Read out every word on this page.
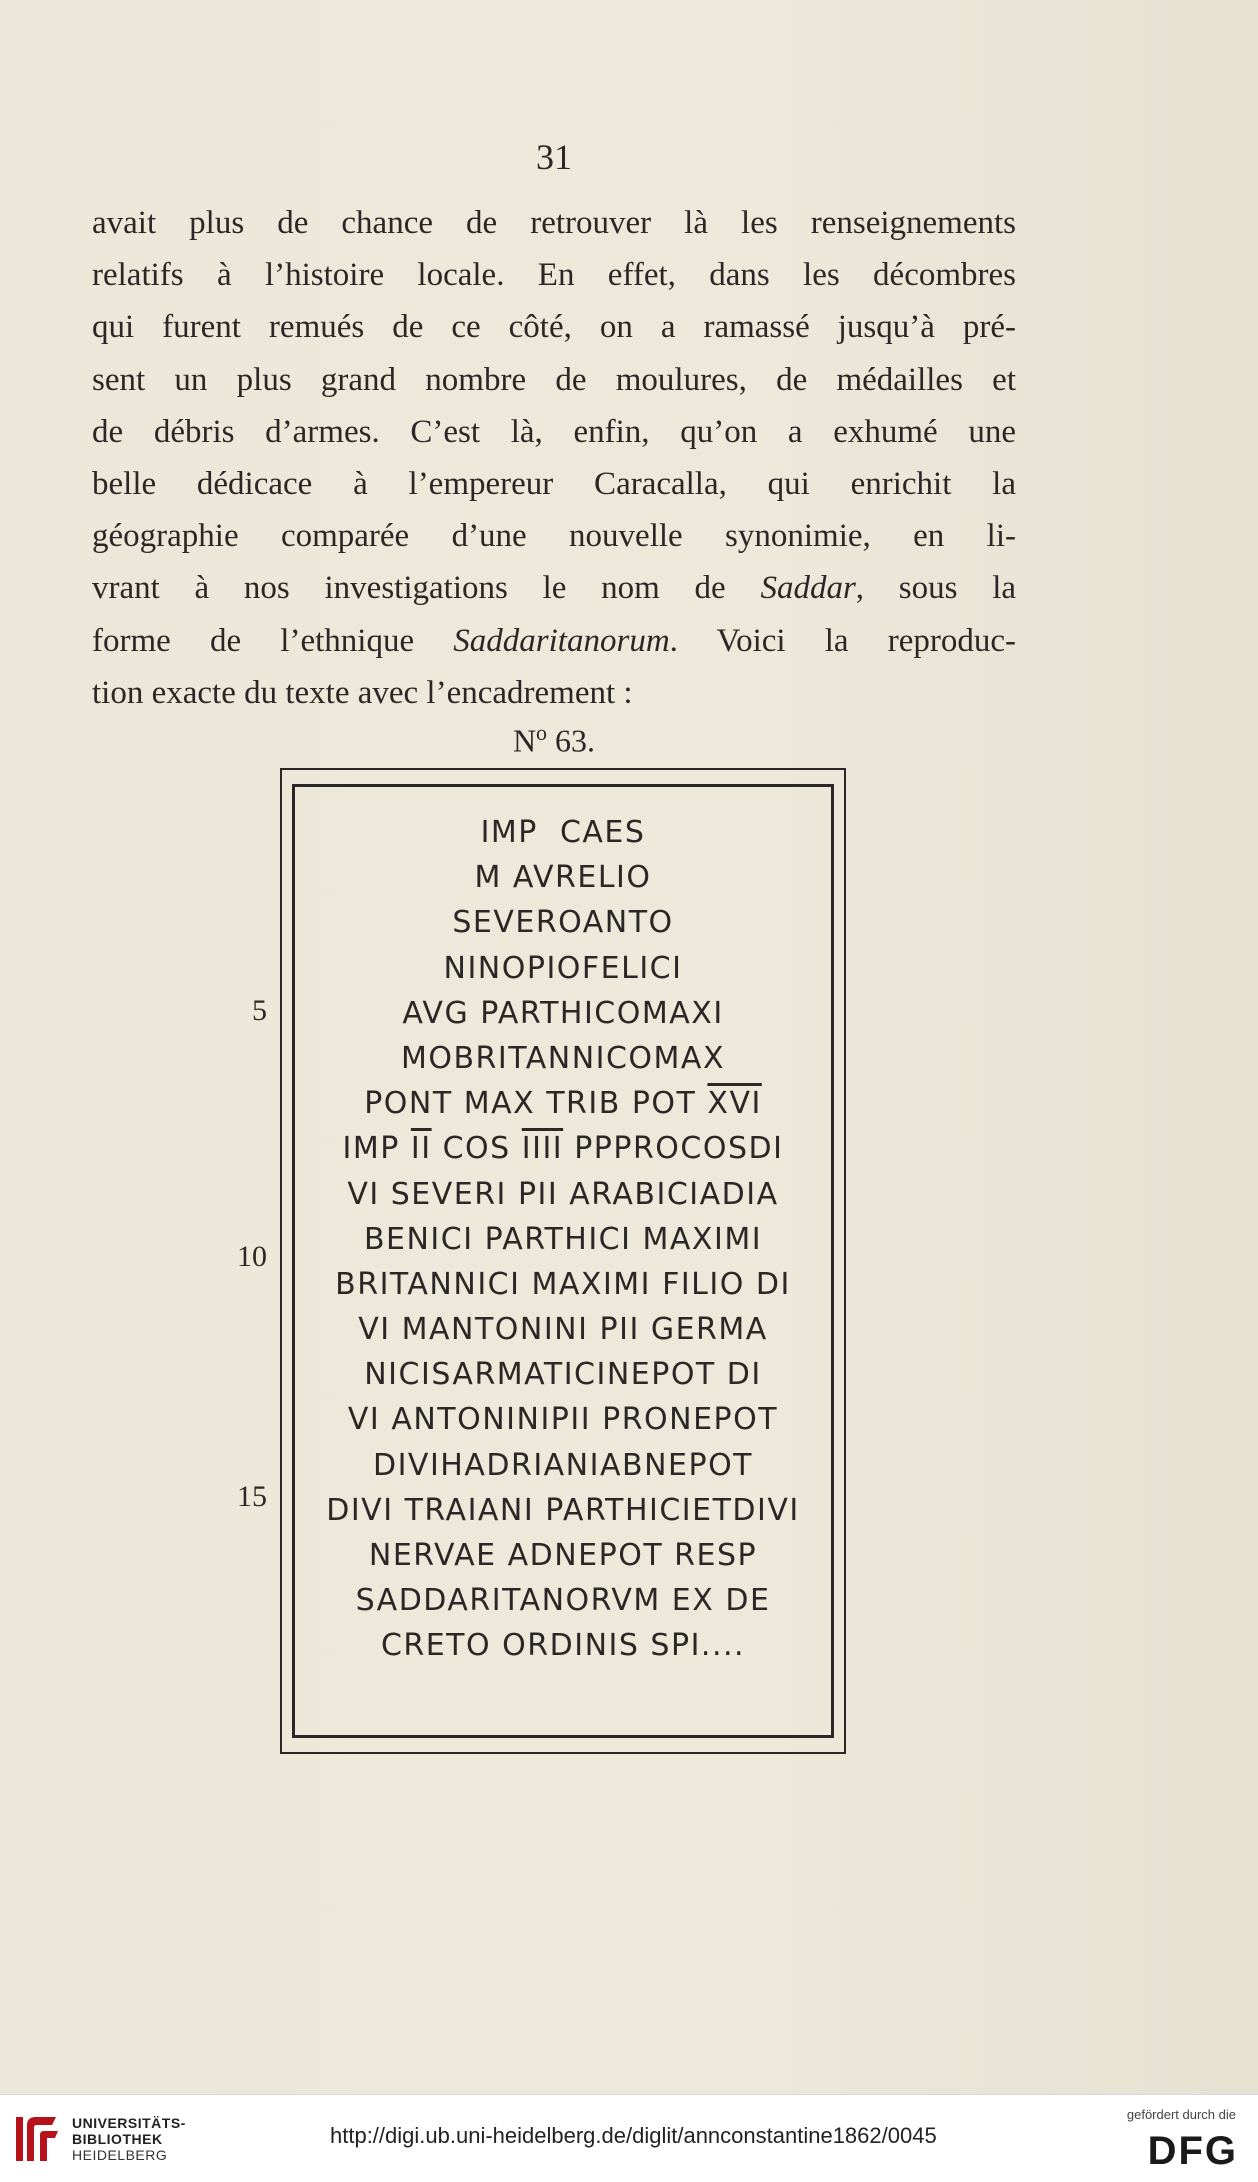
31
avait plus de chance de retrouver là les renseignements
relatifs à l’histoire locale. En effet, dans les décombres
qui furent remués de ce côté, on a ramassé jusqu’à pré-
sent un plus grand nombre de moulures, de médailles et
de débris d’armes. C’est là, enfin, qu’on a exhumé une
belle dédicace à l’empereur Caracalla, qui enrichit la
géographie comparée d’une nouvelle synonimie, en li-
vrant à nos investigations le nom de Saddar, sous la
forme de l’ethnique Saddaritanorum. Voici la reproduc-
tion exacte du texte avec l’encadrement :
$N^o$ 63.
IMP  CAES
M AVRELIO
SEVEROANTO
NINOPIOFELICI
AVG PARTHICOMAXI
MOBRITANNICOMAX
PONT MAX TRIB POT $\overline{XVI}$
IMP $\overline{II}$ COS IIII PPPROCOSDI
VI SEVERI PII ARABICIADIA
BENICI PARTHICI MAXIMI
BRITANNICI MAXIMI FILIO DI
VI MANTONINI PII GERMA
NICISARMATICINEPOT DI
VI ANTONINIPII PRONEPOT
DIVIHADRIANIABNEPOT
DIVI TRAIANI PARTHICIETDIVI
NERVAE ADNEPOT RESP
SADDARITANORVM EX DE
CRETO ORDINIS SPI....
5
10
15
UNIVERSITÄTS-
BIBLIOTHEK
HEIDELBERG
http://digi.ub.uni-heidelberg.de/diglit/annconstantine1862/0045
gefördert durch die
DFG
